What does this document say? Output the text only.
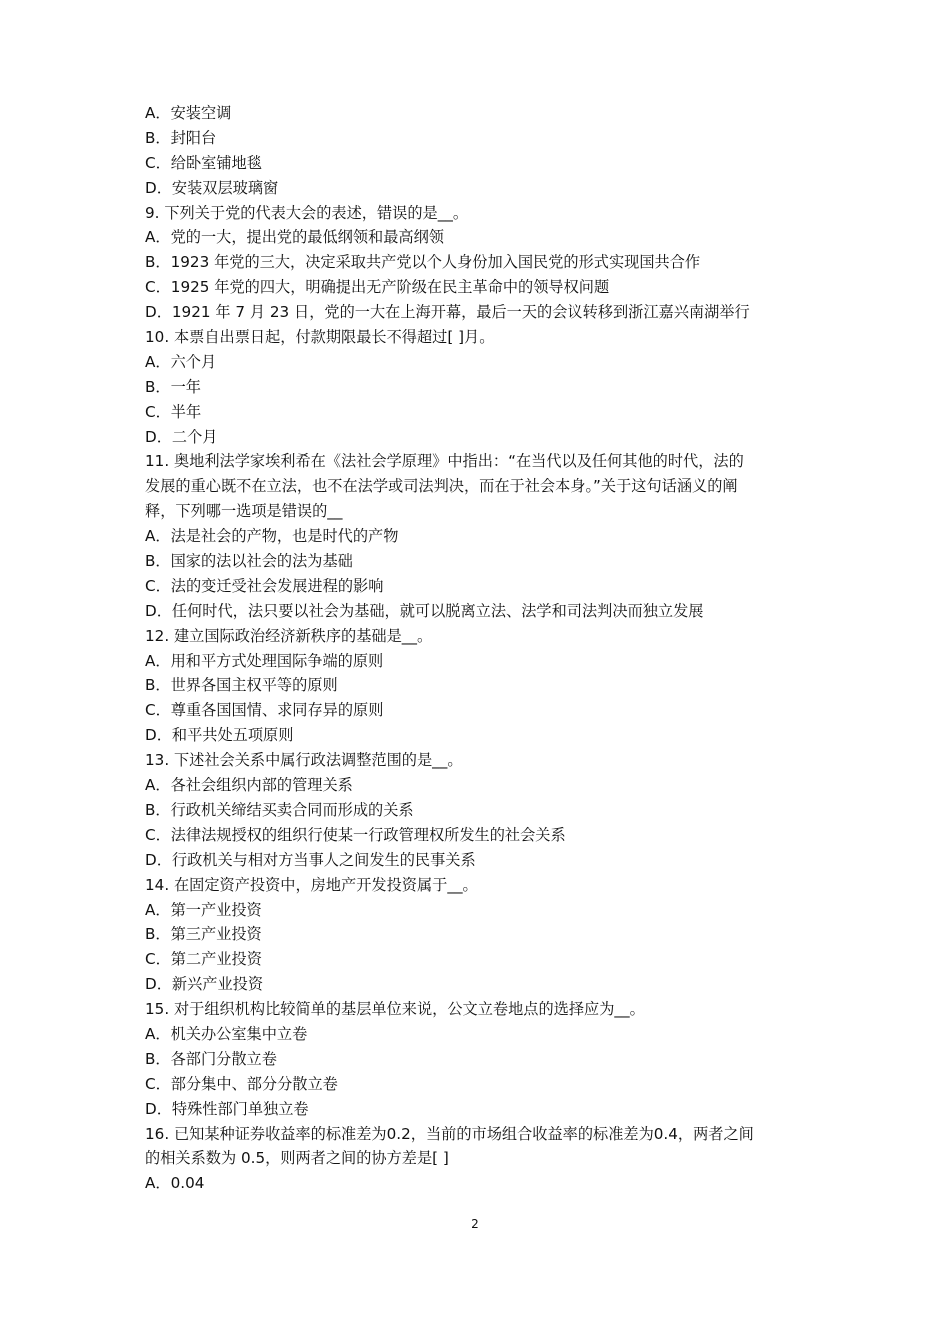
A．安装空调
B．封阳台
C．给卧室铺地毯
D．安装双层玻璃窗
9. 下列关于党的代表大会的表述，错误的是__。
A．党的一大，提出党的最低纲领和最高纲领
B．1923 年党的三大，决定采取共产党以个人身份加入国民党的形式实现国共合作
C．1925 年党的四大，明确提出无产阶级在民主革命中的领导权问题
D．1921 年 7 月 23 日，党的一大在上海开幕，最后一天的会议转移到浙江嘉兴南湖举行
10. 本票自出票日起，付款期限最长不得超过[ ]月。
A．六个月
B．一年
C．半年
D．二个月
11. 奥地利法学家埃利希在《法社会学原理》中指出：“在当代以及任何其他的时代，法的
发展的重心既不在立法，也不在法学或司法判决，而在于社会本身。”关于这句话涵义的阐
释，下列哪一选项是错误的__
A．法是社会的产物，也是时代的产物
B．国家的法以社会的法为基础
C．法的变迁受社会发展进程的影响
D．任何时代，法只要以社会为基础，就可以脱离立法、法学和司法判决而独立发展
12. 建立国际政治经济新秩序的基础是__。
A．用和平方式处理国际争端的原则
B．世界各国主权平等的原则
C．尊重各国国情、求同存异的原则
D．和平共处五项原则
13. 下述社会关系中属行政法调整范围的是__。
A．各社会组织内部的管理关系
B．行政机关缔结买卖合同而形成的关系
C．法律法规授权的组织行使某一行政管理权所发生的社会关系
D．行政机关与相对方当事人之间发生的民事关系
14. 在固定资产投资中，房地产开发投资属于__。
A．第一产业投资
B．第三产业投资
C．第二产业投资
D．新兴产业投资
15. 对于组织机构比较简单的基层单位来说，公文立卷地点的选择应为__。
A．机关办公室集中立卷
B．各部门分散立卷
C．部分集中、部分分散立卷
D．特殊性部门单独立卷
16. 已知某种证券收益率的标准差为0.2，当前的市场组合收益率的标准差为0.4，两者之间
的相关系数为 0.5，则两者之间的协方差是[ ]
A．0.04
2
